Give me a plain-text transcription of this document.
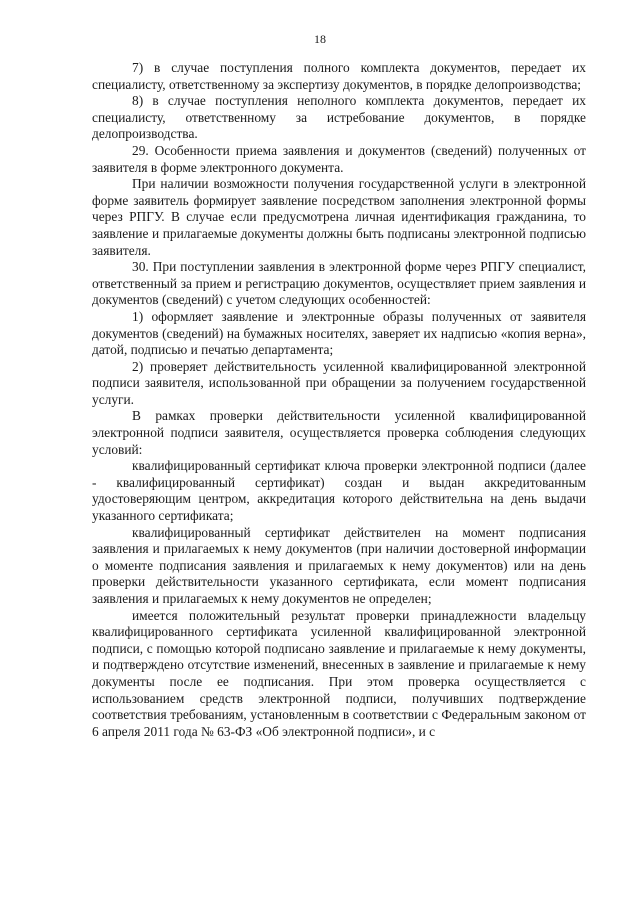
18

7) в случае поступления полного комплекта документов, передает их специалисту, ответственному за экспертизу документов, в порядке делопроизводства;

8) в случае поступления неполного комплекта документов, передает их специалисту, ответственному за истребование документов, в порядке делопроизводства.

29. Особенности приема заявления и документов (сведений) полученных от заявителя в форме электронного документа.

При наличии возможности получения государственной услуги в электронной форме заявитель формирует заявление посредством заполнения электронной формы через РПГУ. В случае если предусмотрена личная идентификация гражданина, то заявление и прилагаемые документы должны быть подписаны электронной подписью заявителя.

30. При поступлении заявления в электронной форме через РПГУ специалист, ответственный за прием и регистрацию документов, осуществляет прием заявления и документов (сведений) с учетом следующих особенностей:

1) оформляет заявление и электронные образы полученных от заявителя документов (сведений) на бумажных носителях, заверяет их надписью «копия верна», датой, подписью и печатью департамента;

2) проверяет действительность усиленной квалифицированной электронной подписи заявителя, использованной при обращении за получением государственной услуги.

В рамках проверки действительности усиленной квалифицированной электронной подписи заявителя, осуществляется проверка соблюдения следующих условий:

квалифицированный сертификат ключа проверки электронной подписи (далее - квалифицированный сертификат) создан и выдан аккредитованным удостоверяющим центром, аккредитация которого действительна на день выдачи указанного сертификата;

квалифицированный сертификат действителен на момент подписания заявления и прилагаемых к нему документов (при наличии достоверной информации о моменте подписания заявления и прилагаемых к нему документов) или на день проверки действительности указанного сертификата, если момент подписания заявления и прилагаемых к нему документов не определен;

имеется положительный результат проверки принадлежности владельцу квалифицированного сертификата усиленной квалифицированной электронной подписи, с помощью которой подписано заявление и прилагаемые к нему документы, и подтверждено отсутствие изменений, внесенных в заявление и прилагаемые к нему документы после ее подписания. При этом проверка осуществляется с использованием средств электронной подписи, получивших подтверждение соответствия требованиям, установленным в соответствии с Федеральным законом от 6 апреля 2011 года № 63-ФЗ «Об электронной подписи», и с
